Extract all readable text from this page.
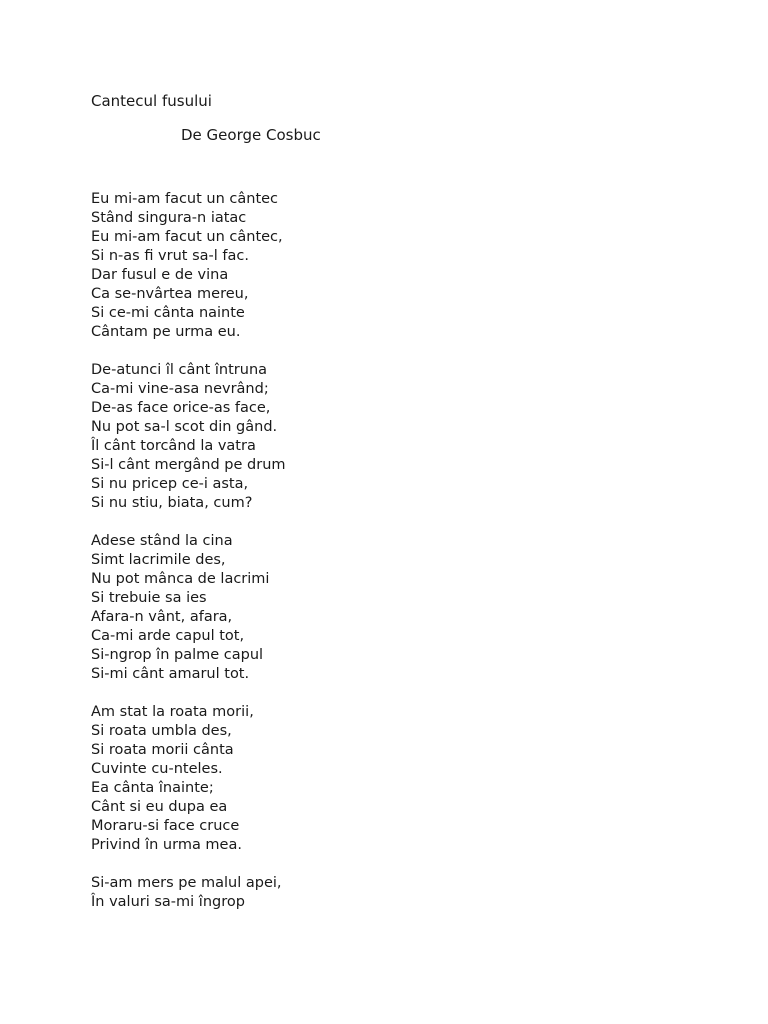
Cantecul fusului
De George Cosbuc
Eu mi-am facut un cântec
Stând singura-n iatac
Eu mi-am facut un cântec,
Si n-as fi vrut sa-l fac.
Dar fusul e de vina
Ca se-nvârtea mereu,
Si ce-mi cânta nainte
Cântam pe urma eu.
De-atunci îl cânt întruna
Ca-mi vine-asa nevrând;
De-as face orice-as face,
Nu pot sa-l scot din gând.
Îl cânt torcând la vatra
Si-l cânt mergând pe drum
Si nu pricep ce-i asta,
Si nu stiu, biata, cum?
Adese stând la cina
Simt lacrimile des,
Nu pot mânca de lacrimi
Si trebuie sa ies
Afara-n vânt, afara,
Ca-mi arde capul tot,
Si-ngrop în palme capul
Si-mi cânt amarul tot.
Am stat la roata morii,
Si roata umbla des,
Si roata morii cânta
Cuvinte cu-nteles.
Ea cânta înainte;
Cânt si eu dupa ea
Moraru-si face cruce
Privind în urma mea.
Si-am mers pe malul apei,
În valuri sa-mi îngrop
